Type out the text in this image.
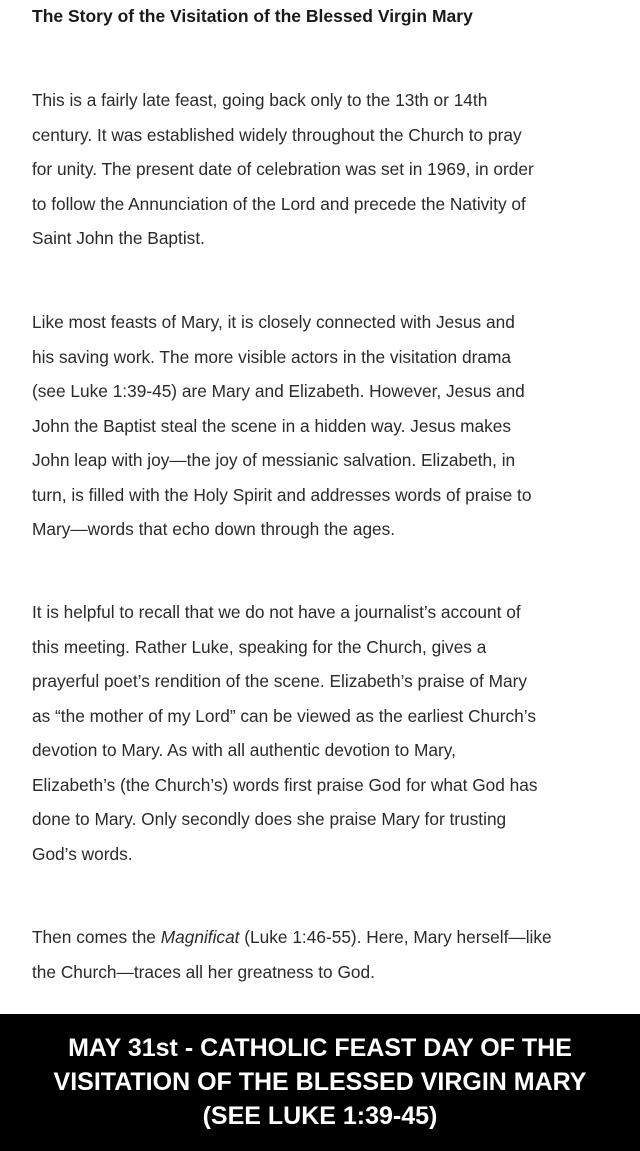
The Story of the Visitation of the Blessed Virgin Mary
This is a fairly late feast, going back only to the 13th or 14th
century. It was established widely throughout the Church to pray
for unity. The present date of celebration was set in 1969, in order
to follow the Annunciation of the Lord and precede the Nativity of
Saint John the Baptist.
Like most feasts of Mary, it is closely connected with Jesus and
his saving work. The more visible actors in the visitation drama
(see Luke 1:39-45) are Mary and Elizabeth. However, Jesus and
John the Baptist steal the scene in a hidden way. Jesus makes
John leap with joy—the joy of messianic salvation. Elizabeth, in
turn, is filled with the Holy Spirit and addresses words of praise to
Mary—words that echo down through the ages.
It is helpful to recall that we do not have a journalist’s account of
this meeting. Rather Luke, speaking for the Church, gives a
prayerful poet’s rendition of the scene. Elizabeth’s praise of Mary
as “the mother of my Lord” can be viewed as the earliest Church’s
devotion to Mary. As with all authentic devotion to Mary,
Elizabeth’s (the Church’s) words first praise God for what God has
done to Mary. Only secondly does she praise Mary for trusting
God’s words.
Then comes the Magnificat (Luke 1:46-55). Here, Mary herself—like
the Church—traces all her greatness to God.
MAY 31st - CATHOLIC FEAST DAY OF THE
VISITATION OF THE BLESSED VIRGIN MARY
(SEE LUKE 1:39-45)
